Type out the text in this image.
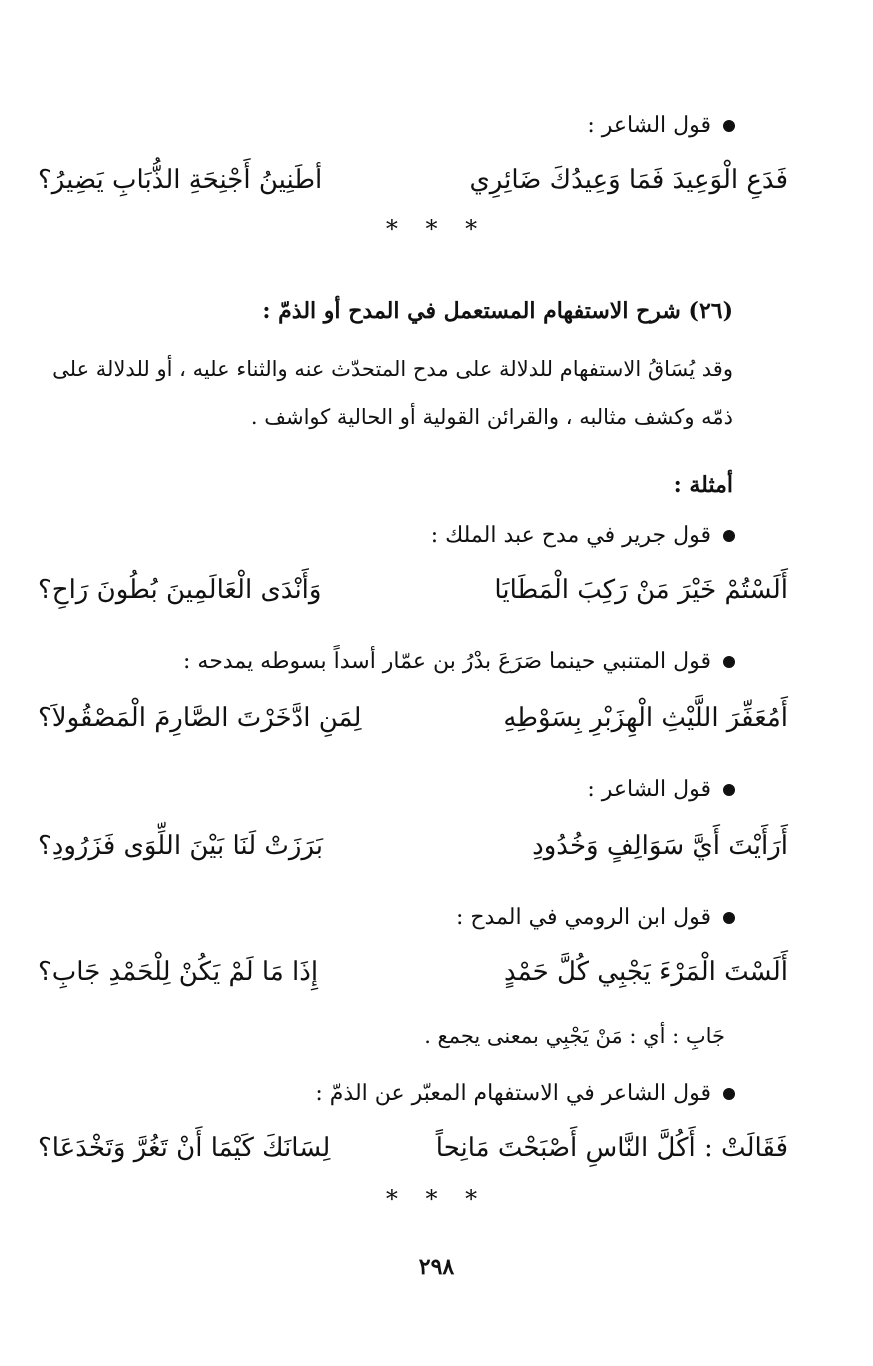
قول الشاعر :
فَدَعِ الْوَعِيدَ فَمَا وَعِيدُكَ ضَائِرِي
أطَنِينُ أَجْنِحَةِ الذُّبَابِ يَضِيرُ؟
* * *
(٢٦) شرح الاستفهام المستعمل في المدح أو الذمّ :
وقد يُسَاقُ الاستفهام للدلالة على مدح المتحدّث عنه والثناء عليه ، أو للدلالة على
ذمّه وكشف مثالبه ، والقرائن القولية أو الحالية كواشف .
أمثلة :
قول جرير في مدح عبد الملك :
أَلَسْتُمْ خَيْرَ مَنْ رَكِبَ الْمَطَايَا
وَأَنْدَى الْعَالَمِينَ بُطُونَ رَاحِ؟
قول المتنبي حينما صَرَعَ بدْرُ بن عمّار أسداً بسوطه يمدحه :
أَمُعَفِّرَ اللَّيْثِ الْهِزَبْرِ بِسَوْطِهِ
لِمَنِ ادَّخَرْتَ الصَّارِمَ الْمَصْقُولاَ؟
قول الشاعر :
أَرَأَيْتَ أَيَّ سَوَالِفٍ وَخُدُودِ
بَرَزَتْ لَنَا بَيْنَ اللِّوَى فَزَرُودِ؟
قول ابن الرومي في المدح :
أَلَسْتَ الْمَرْءَ يَجْبِي كُلَّ حَمْدٍ
إِذَا مَا لَمْ يَكُنْ لِلْحَمْدِ جَابِ؟
جَابِ : أي : مَنْ يَجْبِي بمعنى يجمع .
قول الشاعر في الاستفهام المعبّر عن الذمّ :
فَقَالَتْ : أَكُلَّ النَّاسِ أَصْبَحْتَ مَانِحاً
لِسَانَكَ كَيْمَا أَنْ تَغُرَّ وَتَخْدَعَا؟
* * *
٢٩٨
